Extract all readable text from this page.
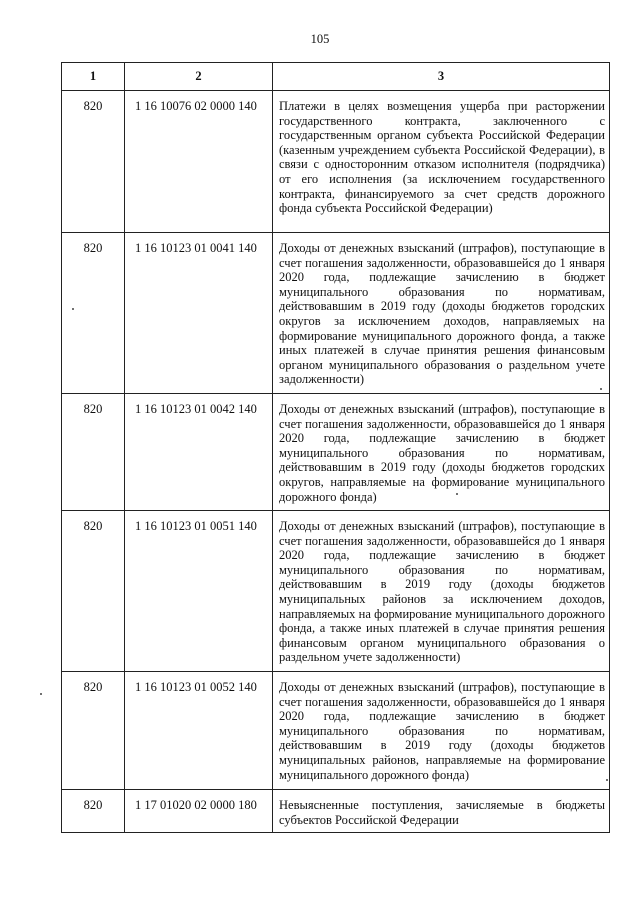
105
1	2	3
820	1 16 10076 02 0000 140	Платежи в целях возмещения ущерба при расторжении государственного контракта, заключенного с государственным органом субъекта Российской Федерации (казенным учреждением субъекта Российской Федерации), в связи с односторонним отказом исполнителя (подрядчика) от его исполнения (за исключением государственного контракта, финансируемого за счет средств дорожного фонда субъекта Российской Федерации)
820	1 16 10123 01 0041 140	Доходы от денежных взысканий (штрафов), поступающие в счет погашения задолженности, образовавшейся до 1 января 2020 года, подлежащие зачислению в бюджет муниципального образования по нормативам, действовавшим в 2019 году (доходы бюджетов городских округов за исключением доходов, направляемых на формирование муниципального дорожного фонда, а также иных платежей в случае принятия решения финансовым органом муниципального образования о раздельном учете задолженности)
820	1 16 10123 01 0042 140	Доходы от денежных взысканий (штрафов), поступающие в счет погашения задолженности, образовавшейся до 1 января 2020 года, подлежащие зачислению в бюджет муниципального образования по нормативам, действовавшим в 2019 году (доходы бюджетов городских округов, направляемые на формирование муниципального дорожного фонда)
820	1 16 10123 01 0051 140	Доходы от денежных взысканий (штрафов), поступающие в счет погашения задолженности, образовавшейся до 1 января 2020 года, подлежащие зачислению в бюджет муниципального образования по нормативам, действовавшим в 2019 году (доходы бюджетов муниципальных районов за исключением доходов, направляемых на формирование муниципального дорожного фонда, а также иных платежей в случае принятия решения финансовым органом муниципального образования о раздельном учете задолженности)
820	1 16 10123 01 0052 140	Доходы от денежных взысканий (штрафов), поступающие в счет погашения задолженности, образовавшейся до 1 января 2020 года, подлежащие зачислению в бюджет муниципального образования по нормативам, действовавшим в 2019 году (доходы бюджетов муниципальных районов, направляемые на формирование муниципального дорожного фонда)
820	1 17 01020 02 0000 180	Невыясненные поступления, зачисляемые в бюджеты субъектов Российской Федерации
